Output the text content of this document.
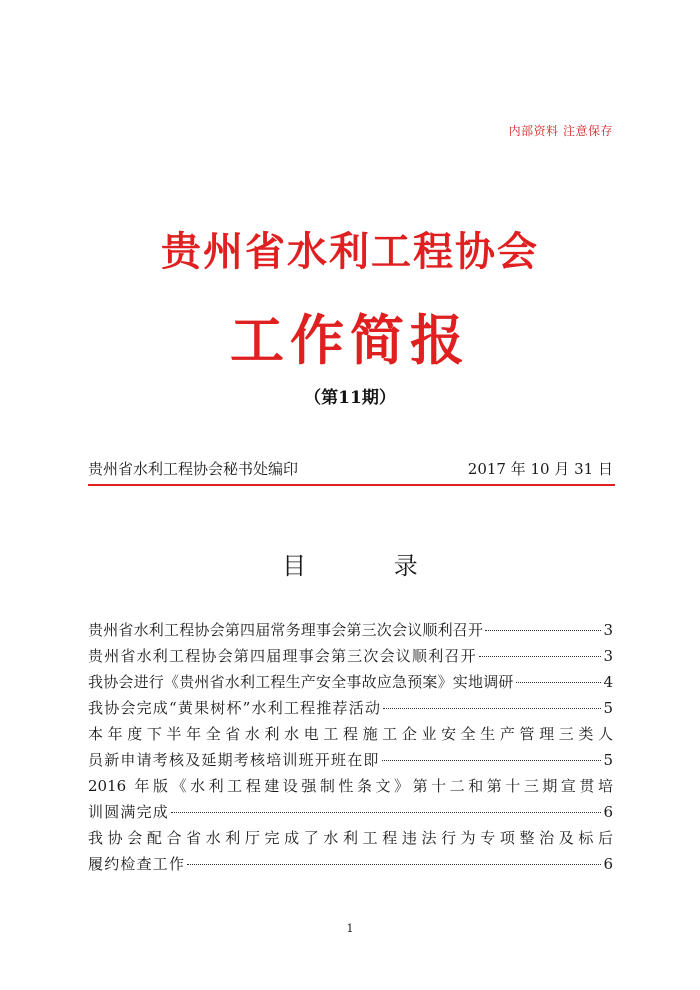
内部资料 注意保存
贵州省水利工程协会
工作简报
（第11期）
贵州省水利工程协会秘书处编印	2017 年 10 月 31 日
目 录
贵州省水利工程协会第四届常务理事会第三次会议顺利召开	3
贵州省水利工程协会第四届理事会第三次会议顺利召开	3
我协会进行《贵州省水利工程生产安全事故应急预案》实地调研	4
我协会完成“黄果树杯”水利工程推荐活动	5
本年度下半年全省水利水电工程施工企业安全生产管理三类人
员新申请考核及延期考核培训班开班在即	5
2016 年版《水利工程建设强制性条文》第十二和第十三期宣贯培
训圆满完成	6
我协会配合省水利厅完成了水利工程违法行为专项整治及标后
履约检查工作	6
1
